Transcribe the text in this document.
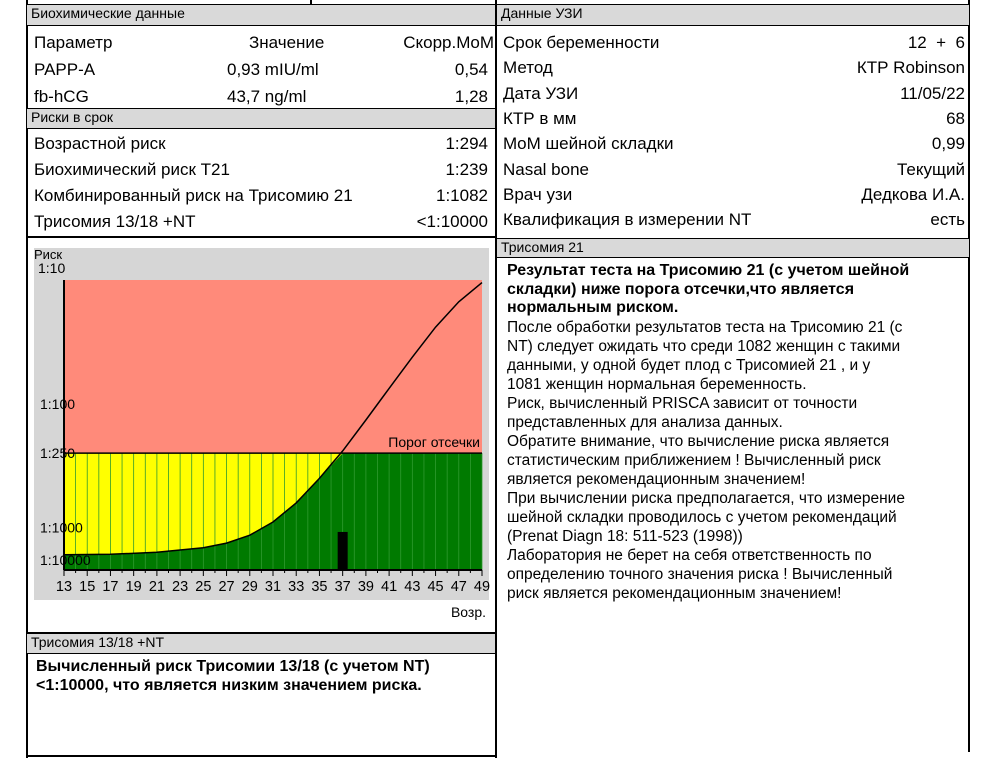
Биохимические данные
Параметр	Значение	Скорр.MoM
PAPP-A	0,93 mIU/ml	0,54
fb-hCG	43,7 ng/ml	1,28
Риски в срок
Возрастной риск	1:294
Биохимический риск Т21	1:239
Комбинированный риск на Трисомию 21	1:1082
Трисомия 13/18 +NT	<1:10000
Риск
Возр.
Порог отсечки
1:10
1:100
1:250
1:1000
1:10000
13 15 17 19 21 23 25 27 29 31 33 35 37 39 41 43 45 47 49
Трисомия 13/18 +NT
Вычисленный риск Трисомии 13/18 (с учетом NT)
<1:10000, что является низким значением риска.
Данные УЗИ
Срок беременности	12  +  6
Метод	КТР Robinson
Дата УЗИ	11/05/22
КТР в мм	68
MoM шейной складки	0,99
Nasal bone	Текущий
Врач узи	Дедкова И.А.
Квалификация в измерении NT	есть
Трисомия 21
Результат теста на Трисомию 21 (с учетом шейной
складки) ниже порога отсечки,что является
нормальным риском.
После обработки результатов теста на Трисомию 21 (с
NT) следует ожидать что среди 1082 женщин с такими
данными, у одной будет плод с Трисомией 21 , и у
1081 женщин нормальная беременность.
Риск, вычисленный PRISCA зависит от точности
представленных для анализа данных.
Обратите внимание, что вычисление риска является
статистическим приближением ! Вычисленный риск
является рекомендационным значением!
При вычислении риска предполагается, что измерение
шейной складки проводилось с учетом рекомендаций
(Prenat Diagn 18: 511-523 (1998))
Лаборатория не берет на себя ответственность по
определению точного значения риска ! Вычисленный
риск является рекомендационным значением!
